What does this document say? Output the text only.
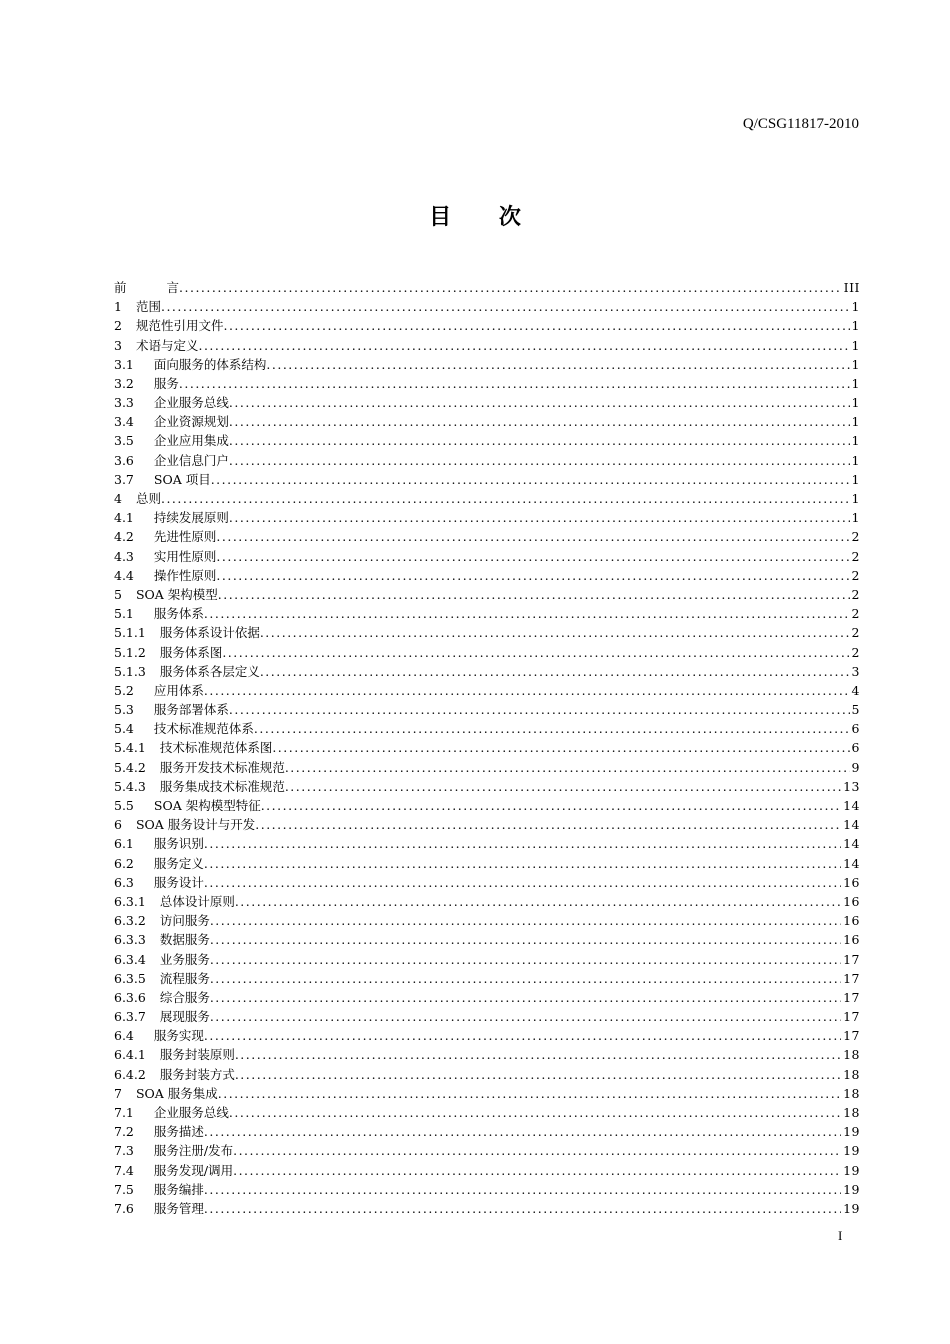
Q/CSG11817-2010
目 次
前	言 .....	III
1 范围 .....	1
2 规范性引用文件 .....	1
3 术语与定义 .....	1
3.1 面向服务的体系结构 .....	1
3.2 服务 .....	1
3.3 企业服务总线 .....	1
3.4 企业资源规划 .....	1
3.5 企业应用集成 .....	1
3.6 企业信息门户 .....	1
3.7 SOA 项目 .....	1
4 总则 .....	1
4.1 持续发展原则 .....	1
4.2 先进性原则 .....	2
4.3 实用性原则 .....	2
4.4 操作性原则 .....	2
5 SOA 架构模型 .....	2
5.1 服务体系 .....	2
5.1.1 服务体系设计依据 .....	2
5.1.2 服务体系图 .....	2
5.1.3 服务体系各层定义 .....	3
5.2 应用体系 .....	4
5.3 服务部署体系 .....	5
5.4 技术标准规范体系 .....	6
5.4.1 技术标准规范体系图 .....	6
5.4.2 服务开发技术标准规范 .....	9
5.4.3 服务集成技术标准规范 .....	13
5.5 SOA 架构模型特征 .....	14
6 SOA 服务设计与开发 .....	14
6.1 服务识别 .....	14
6.2 服务定义 .....	14
6.3 服务设计 .....	16
6.3.1 总体设计原则 .....	16
6.3.2 访问服务 .....	16
6.3.3 数据服务 .....	16
6.3.4 业务服务 .....	17
6.3.5 流程服务 .....	17
6.3.6 综合服务 .....	17
6.3.7 展现服务 .....	17
6.4 服务实现 .....	17
6.4.1 服务封装原则 .....	18
6.4.2 服务封装方式 .....	18
7 SOA 服务集成 .....	18
7.1 企业服务总线 .....	18
7.2 服务描述 .....	19
7.3 服务注册/发布 .....	19
7.4 服务发现/调用 .....	19
7.5 服务编排 .....	19
7.6 服务管理 .....	19
I
